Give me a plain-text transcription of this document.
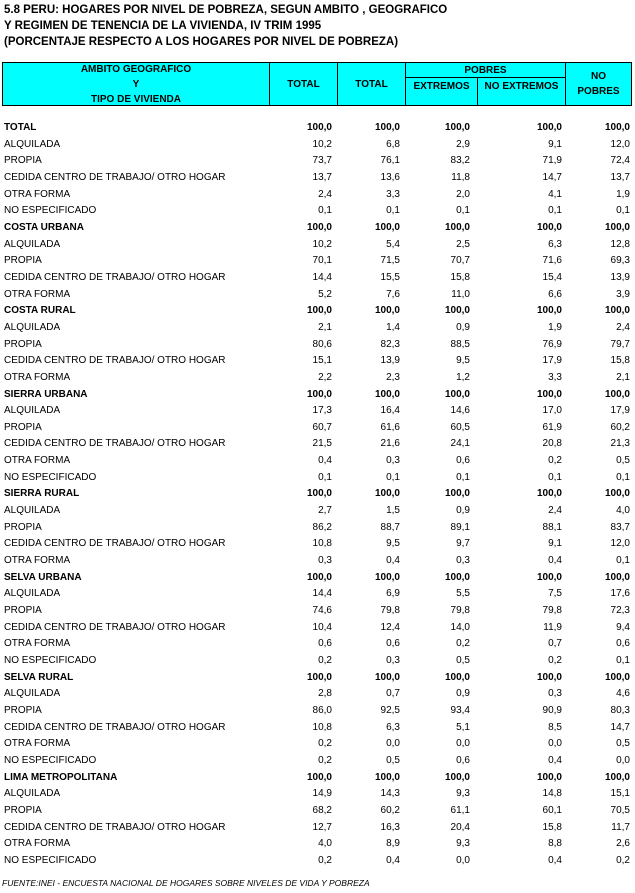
5.8 PERU: HOGARES POR NIVEL DE POBREZA, SEGUN AMBITO , GEOGRAFICO
Y REGIMEN DE TENENCIA DE LA VIVIENDA, IV TRIM 1995
(PORCENTAJE RESPECTO A LOS HOGARES POR NIVEL DE POBREZA)
AMBITO GEOGRAFICO
Y
TIPO DE VIVIENDA
TOTAL	TOTAL
POBRES
EXTREMOS	NO EXTREMOS
NO
POBRES
TOTAL	100,0	100,0	100,0	100,0	100,0
ALQUILADA	10,2	6,8	2,9	9,1	12,0
PROPIA	73,7	76,1	83,2	71,9	72,4
CEDIDA CENTRO DE TRABAJO/ OTRO HOGAR	13,7	13,6	11,8	14,7	13,7
OTRA FORMA	2,4	3,3	2,0	4,1	1,9
NO ESPECIFICADO	0,1	0,1	0,1	0,1	0,1
COSTA URBANA	100,0	100,0	100,0	100,0	100,0
ALQUILADA	10,2	5,4	2,5	6,3	12,8
PROPIA	70,1	71,5	70,7	71,6	69,3
CEDIDA CENTRO DE TRABAJO/ OTRO HOGAR	14,4	15,5	15,8	15,4	13,9
OTRA FORMA	5,2	7,6	11,0	6,6	3,9
COSTA RURAL	100,0	100,0	100,0	100,0	100,0
ALQUILADA	2,1	1,4	0,9	1,9	2,4
PROPIA	80,6	82,3	88,5	76,9	79,7
CEDIDA CENTRO DE TRABAJO/ OTRO HOGAR	15,1	13,9	9,5	17,9	15,8
OTRA FORMA	2,2	2,3	1,2	3,3	2,1
SIERRA URBANA	100,0	100,0	100,0	100,0	100,0
ALQUILADA	17,3	16,4	14,6	17,0	17,9
PROPIA	60,7	61,6	60,5	61,9	60,2
CEDIDA CENTRO DE TRABAJO/ OTRO HOGAR	21,5	21,6	24,1	20,8	21,3
OTRA FORMA	0,4	0,3	0,6	0,2	0,5
NO ESPECIFICADO	0,1	0,1	0,1	0,1	0,1
SIERRA RURAL	100,0	100,0	100,0	100,0	100,0
ALQUILADA	2,7	1,5	0,9	2,4	4,0
PROPIA	86,2	88,7	89,1	88,1	83,7
CEDIDA CENTRO DE TRABAJO/ OTRO HOGAR	10,8	9,5	9,7	9,1	12,0
OTRA FORMA	0,3	0,4	0,3	0,4	0,1
SELVA URBANA	100,0	100,0	100,0	100,0	100,0
ALQUILADA	14,4	6,9	5,5	7,5	17,6
PROPIA	74,6	79,8	79,8	79,8	72,3
CEDIDA CENTRO DE TRABAJO/ OTRO HOGAR	10,4	12,4	14,0	11,9	9,4
OTRA FORMA	0,6	0,6	0,2	0,7	0,6
NO ESPECIFICADO	0,2	0,3	0,5	0,2	0,1
SELVA RURAL	100,0	100,0	100,0	100,0	100,0
ALQUILADA	2,8	0,7	0,9	0,3	4,6
PROPIA	86,0	92,5	93,4	90,9	80,3
CEDIDA CENTRO DE TRABAJO/ OTRO HOGAR	10,8	6,3	5,1	8,5	14,7
OTRA FORMA	0,2	0,0	0,0	0,0	0,5
NO ESPECIFICADO	0,2	0,5	0,6	0,4	0,0
LIMA METROPOLITANA	100,0	100,0	100,0	100,0	100,0
ALQUILADA	14,9	14,3	9,3	14,8	15,1
PROPIA	68,2	60,2	61,1	60,1	70,5
CEDIDA CENTRO DE TRABAJO/ OTRO HOGAR	12,7	16,3	20,4	15,8	11,7
OTRA FORMA	4,0	8,9	9,3	8,8	2,6
NO ESPECIFICADO	0,2	0,4	0,0	0,4	0,2
FUENTE:INEI - ENCUESTA NACIONAL DE HOGARES SOBRE NIVELES DE VIDA Y POBREZA
